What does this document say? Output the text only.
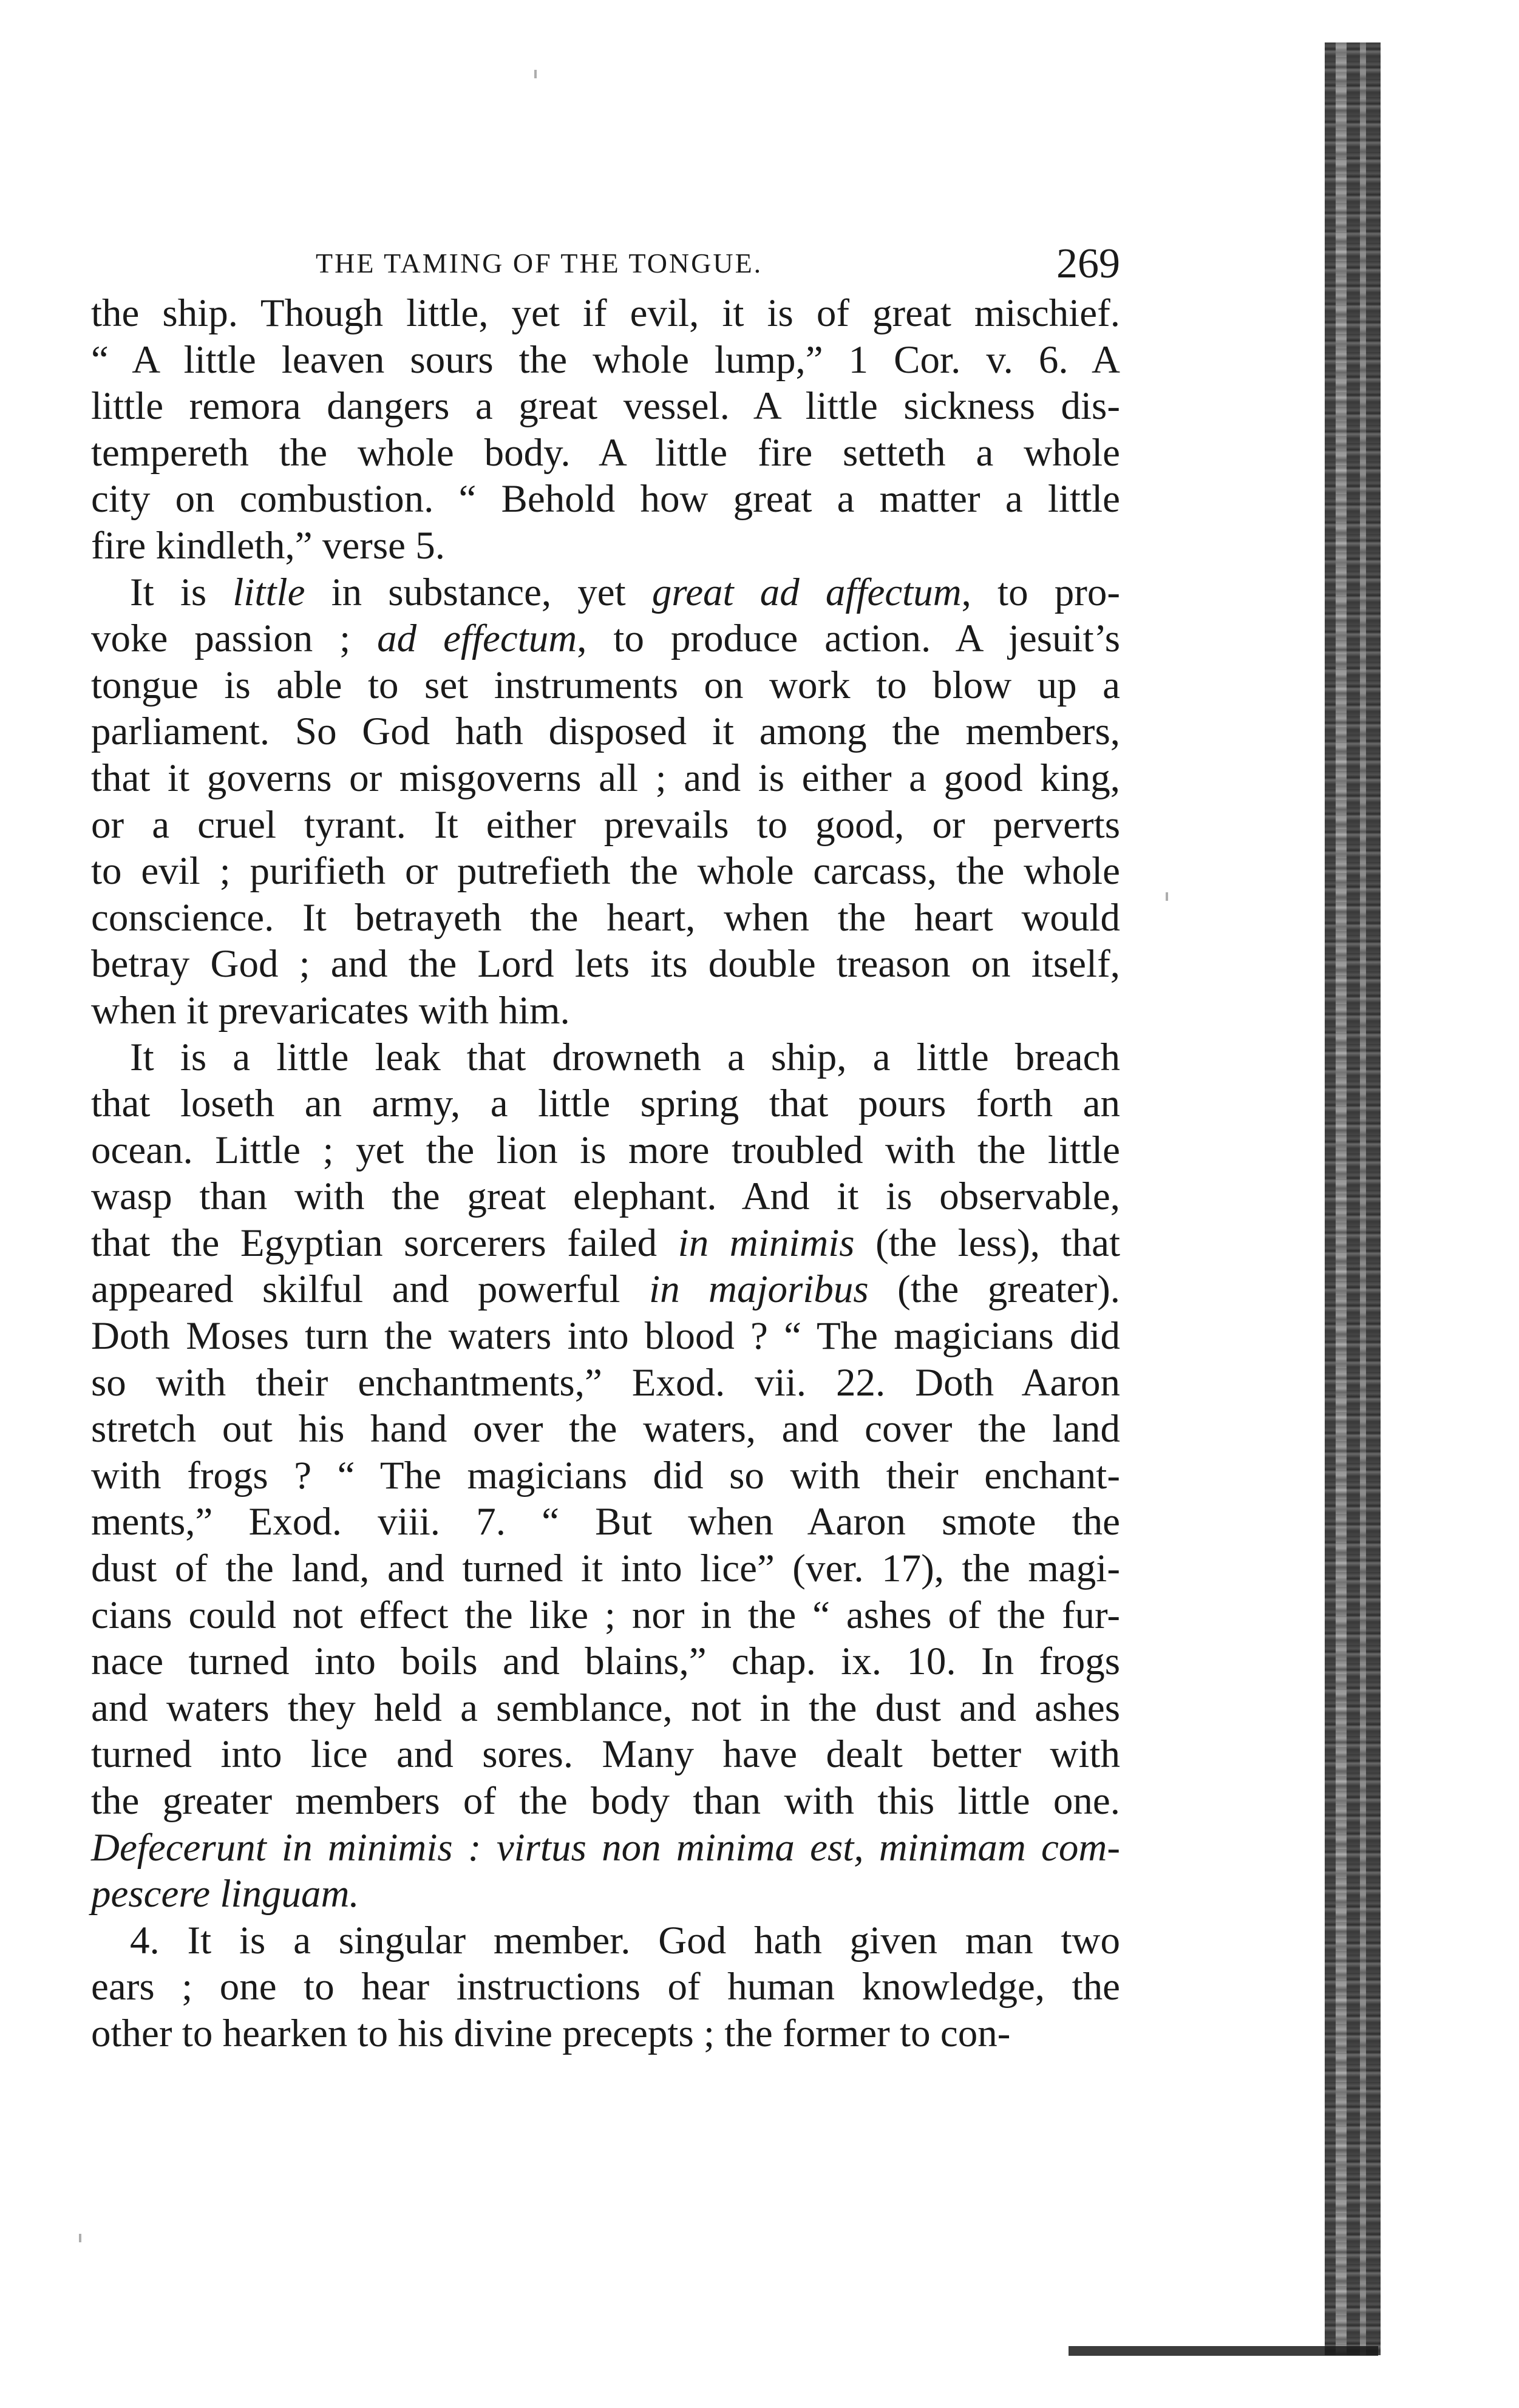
THE TAMING OF THE TONGUE.	269
the ship. Though little, yet if evil, it is of great mischief.
“ A little leaven sours the whole lump,” 1 Cor. v. 6. A
little remora dangers a great vessel. A little sickness dis-
tempereth the whole body. A little fire setteth a whole
city on combustion. “ Behold how great a matter a little
fire kindleth,” verse 5.
It is little in substance, yet great ad affectum, to pro-
voke passion ; ad effectum, to produce action. A jesuit’s
tongue is able to set instruments on work to blow up a
parliament. So God hath disposed it among the members,
that it governs or misgoverns all ; and is either a good king,
or a cruel tyrant. It either prevails to good, or perverts
to evil ; purifieth or putrefieth the whole carcass, the whole
conscience. It betrayeth the heart, when the heart would
betray God ; and the Lord lets its double treason on itself,
when it prevaricates with him.
It is a little leak that drowneth a ship, a little breach
that loseth an army, a little spring that pours forth an
ocean. Little ; yet the lion is more troubled with the little
wasp than with the great elephant. And it is observable,
that the Egyptian sorcerers failed in minimis (the less), that
appeared skilful and powerful in majoribus (the greater).
Doth Moses turn the waters into blood ? “ The magicians did
so with their enchantments,” Exod. vii. 22. Doth Aaron
stretch out his hand over the waters, and cover the land
with frogs ? “ The magicians did so with their enchant-
ments,” Exod. viii. 7. “ But when Aaron smote the
dust of the land, and turned it into lice” (ver. 17), the magi-
cians could not effect the like ; nor in the “ ashes of the fur-
nace turned into boils and blains,” chap. ix. 10. In frogs
and waters they held a semblance, not in the dust and ashes
turned into lice and sores. Many have dealt better with
the greater members of the body than with this little one.
Defecerunt in minimis : virtus non minima est, minimam com-
pescere linguam.
4. It is a singular member. God hath given man two
ears ; one to hear instructions of human knowledge, the
other to hearken to his divine precepts ; the former to con-
